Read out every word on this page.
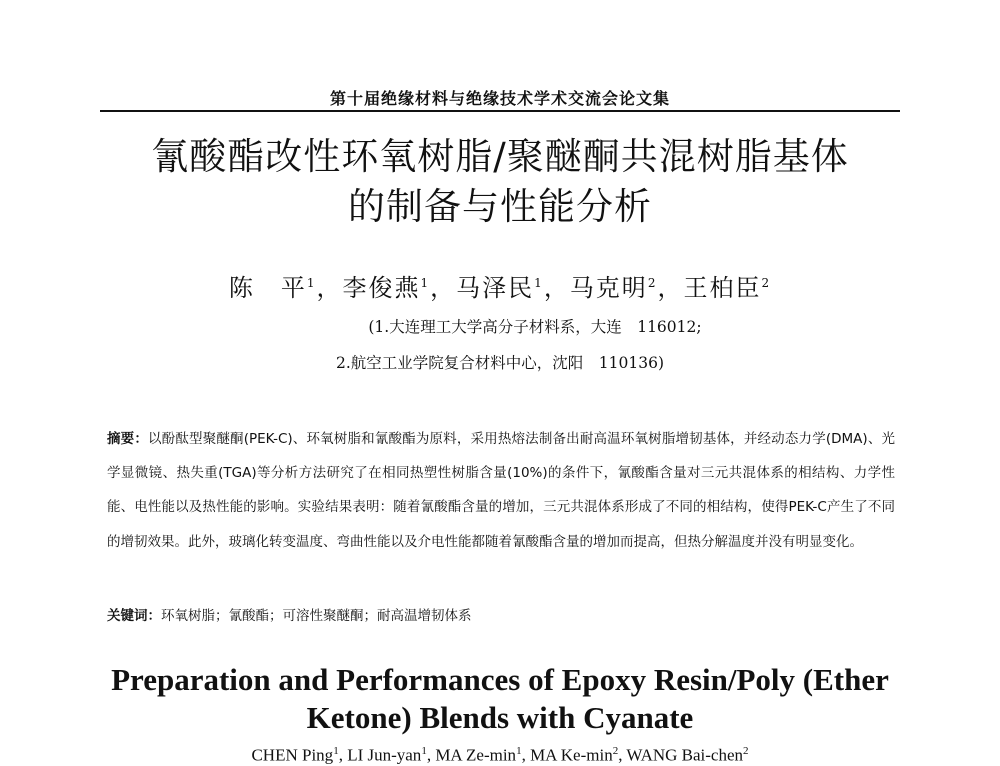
第十届绝缘材料与绝缘技术学术交流会论文集
氰酸酯改性环氧树脂/聚醚酮共混树脂基体
的制备与性能分析
陈　平$^1$，李俊燕$^1$，马泽民$^1$，马克明$^2$，王柏臣$^2$
(1.大连理工大学高分子材料系，大连　116012;
2.航空工业学院复合材料中心，沈阳　110136)
摘要：以酚酞型聚醚酮(PEK-C)、环氧树脂和氰酸酯为原料，采用热熔法制备出耐高温环氧树脂增韧基体，并经动态力学(DMA)、光学显微镜、热失重(TGA)等分析方法研究了在相同热塑性树脂含量(10%)的条件下，氰酸酯含量对三元共混体系的相结构、力学性能、电性能以及热性能的影响。实验结果表明：随着氰酸酯含量的增加，三元共混体系形成了不同的相结构，使得PEK-C产生了不同的增韧效果。此外，玻璃化转变温度、弯曲性能以及介电性能都随着氰酸酯含量的增加而提高，但热分解温度并没有明显变化。
关键词：环氧树脂；氰酸酯；可溶性聚醚酮；耐高温增韧体系
Preparation and Performances of Epoxy Resin/Poly (Ether
Ketone) Blends with Cyanate
CHEN Ping$^1$, LI Jun-yan$^1$, MA $Ze-\min^1$, MA $Ke-\min^2$, WANG Bai-chen$^2$
